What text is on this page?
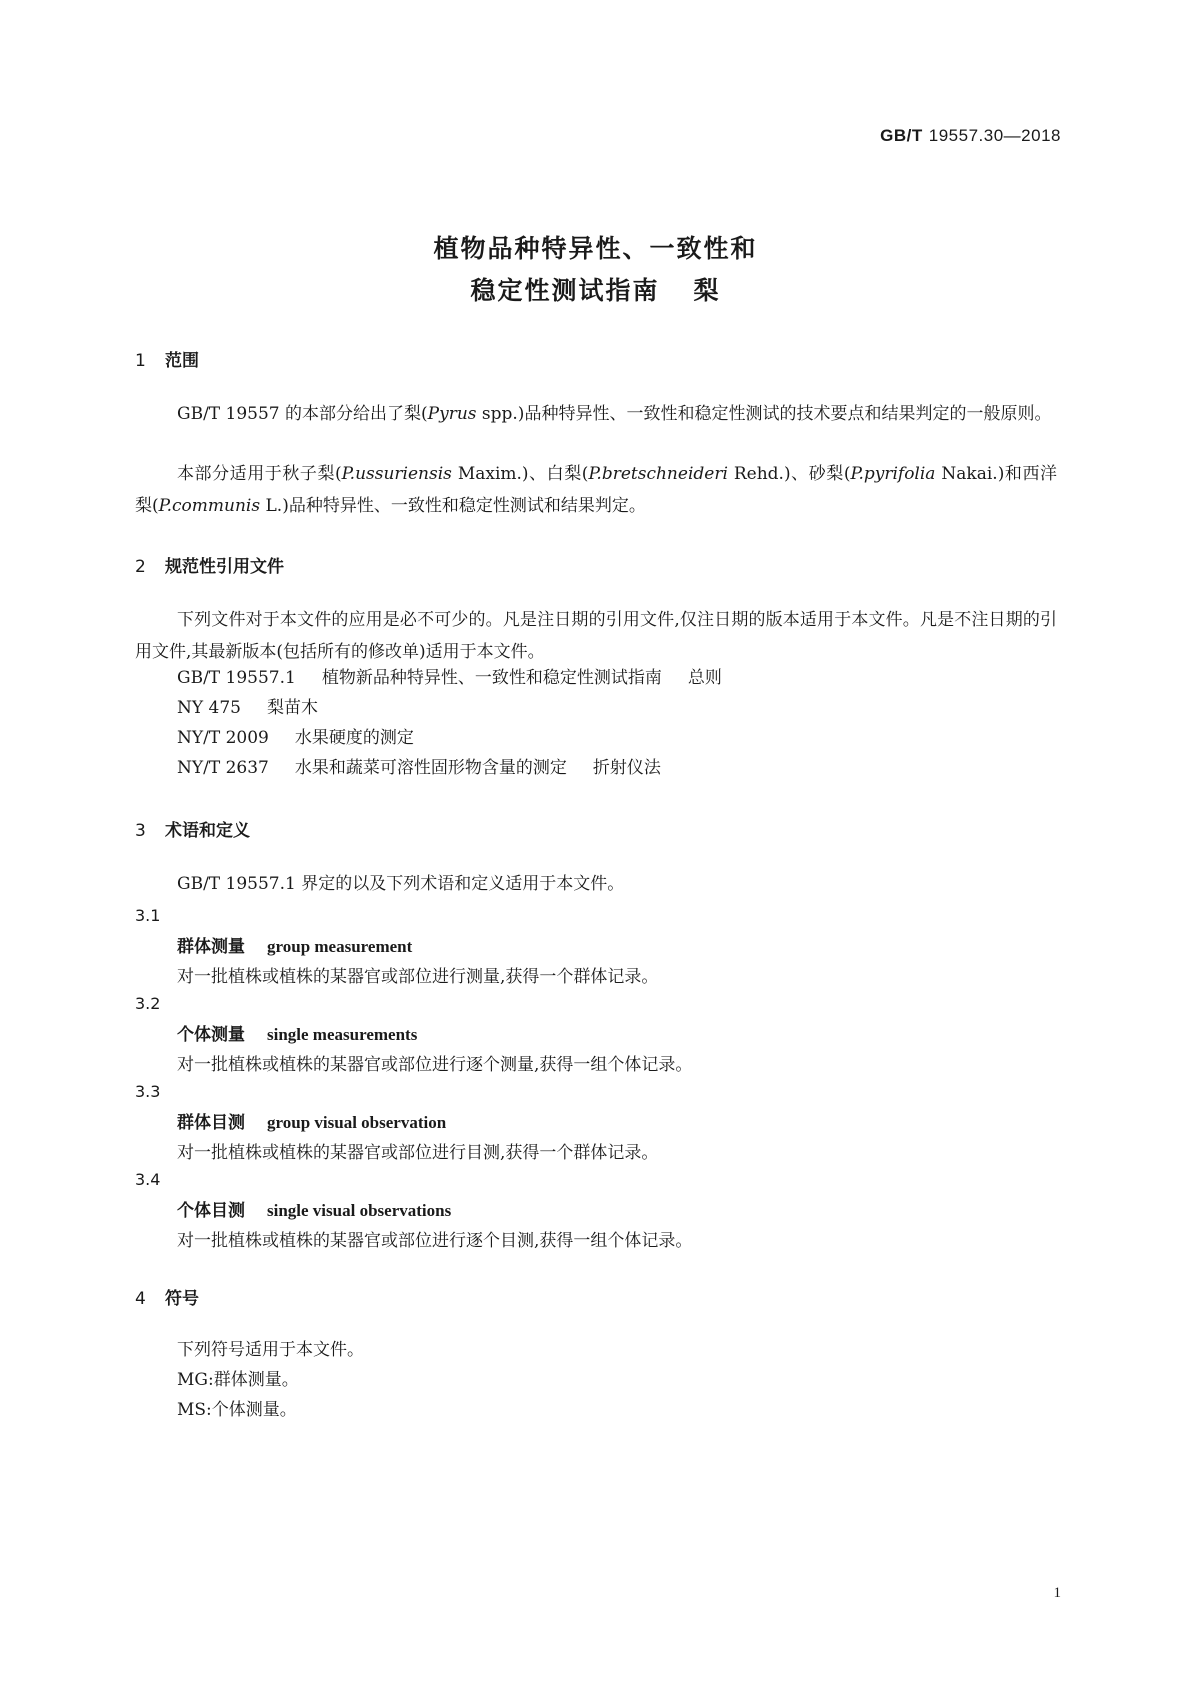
GB/T 19557.30—2018
植物品种特异性、一致性和
稳定性测试指南 梨
1 范围
GB/T 19557 的本部分给出了梨(Pyrus spp.)品种特异性、一致性和稳定性测试的技术要点和结果判定的一般原则。
本部分适用于秋子梨(P.ussuriensis Maxim.)、白梨(P.bretschneideri Rehd.)、砂梨(P.pyrifolia Nakai.)和西洋梨(P.communis L.)品种特异性、一致性和稳定性测试和结果判定。
2 规范性引用文件
下列文件对于本文件的应用是必不可少的。凡是注日期的引用文件,仅注日期的版本适用于本文件。凡是不注日期的引用文件,其最新版本(包括所有的修改单)适用于本文件。
GB/T 19557.1 植物新品种特异性、一致性和稳定性测试指南 总则
NY 475 梨苗木
NY/T 2009 水果硬度的测定
NY/T 2637 水果和蔬菜可溶性固形物含量的测定 折射仪法
3 术语和定义
GB/T 19557.1 界定的以及下列术语和定义适用于本文件。
3.1
群体测量 group measurement
对一批植株或植株的某器官或部位进行测量,获得一个群体记录。
3.2
个体测量 single measurements
对一批植株或植株的某器官或部位进行逐个测量,获得一组个体记录。
3.3
群体目测 group visual observation
对一批植株或植株的某器官或部位进行目测,获得一个群体记录。
3.4
个体目测 single visual observations
对一批植株或植株的某器官或部位进行逐个目测,获得一组个体记录。
4 符号
下列符号适用于本文件。
MG:群体测量。
MS:个体测量。
1
